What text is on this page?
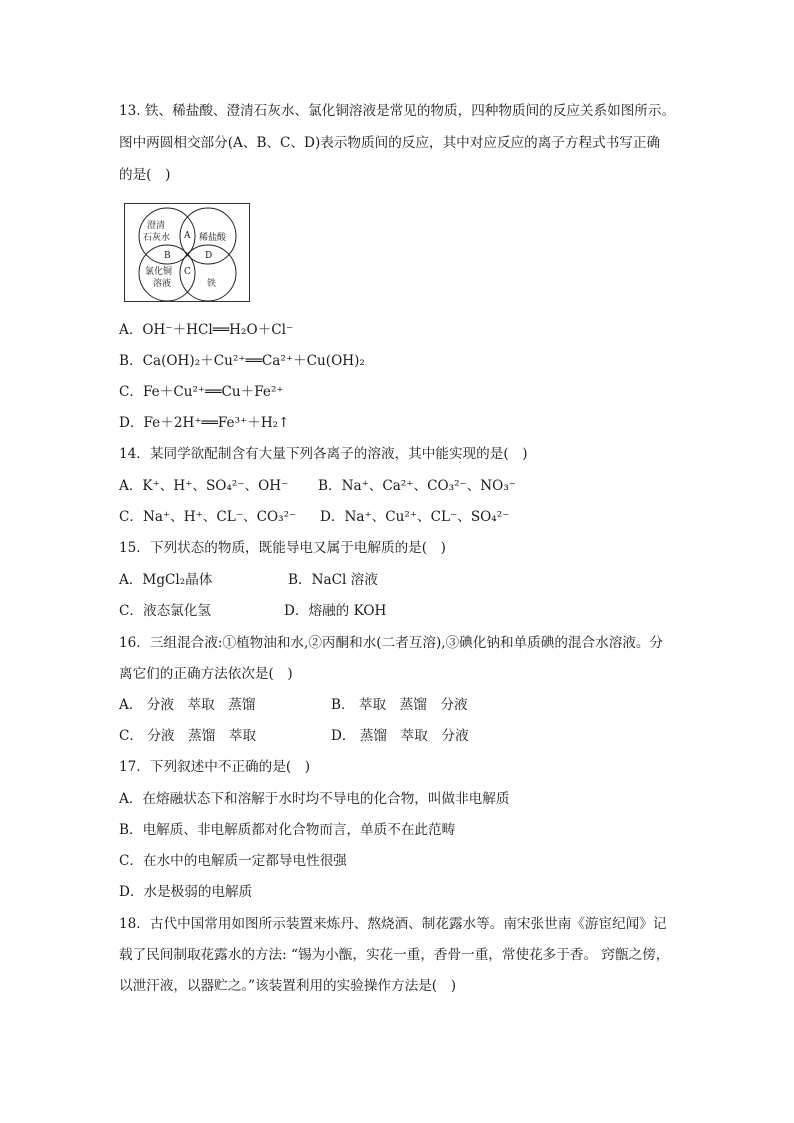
13. 铁、稀盐酸、澄清石灰水、氯化铜溶液是常见的物质，四种物质间的反应关系如图所示。
图中两圆相交部分(A、B、C、D)表示物质间的反应，其中对应反应的离子方程式书写正确
的是(　)
澄清
石灰水	稀盐酸
氯化铜
溶液	铁
A
B
C
D
A．OH⁻＋HCl══H₂O＋Cl⁻
B．Ca(OH)₂＋Cu²⁺══Ca²⁺＋Cu(OH)₂
C．Fe＋Cu²⁺══Cu＋Fe²⁺
D．Fe＋2H⁺══Fe³⁺＋H₂↑
14．某同学欲配制含有大量下列各离子的溶液，其中能实现的是(　)
A．K⁺、H⁺、SO₄²⁻、OH⁻ B．Na⁺、Ca²⁺、CO₃²⁻、NO₃⁻
C．Na⁺、H⁺、CL⁻、CO₃²⁻ D．Na⁺、Cu²⁺、CL⁻、SO₄²⁻
15．下列状态的物质，既能导电又属于电解质的是(　)
A．MgCl₂晶体	B．NaCl 溶液
C．液态氯化氢	D．熔融的 KOH
16．三组混合液:①植物油和水,②丙酮和水(二者互溶),③碘化钠和单质碘的混合水溶液。分
离它们的正确方法依次是(　)
A． 分液　萃取　蒸馏	B． 萃取　蒸馏　分液
C． 分液　蒸馏　萃取	D． 蒸馏　萃取　分液
17．下列叙述中不正确的是(　)
A．在熔融状态下和溶解于水时均不导电的化合物，叫做非电解质
B．电解质、非电解质都对化合物而言，单质不在此范畴
C．在水中的电解质一定都导电性很强
D．水是极弱的电解质
18．古代中国常用如图所示装置来炼丹、熬烧酒、制花露水等。南宋张世南《游宦纪闻》记
载了民间制取花露水的方法: “锡为小甑，实花一重，香骨一重，常使花多于香。 窍甑之傍，
以泄汗液，以器贮之。”该装置利用的实验操作方法是(　)
